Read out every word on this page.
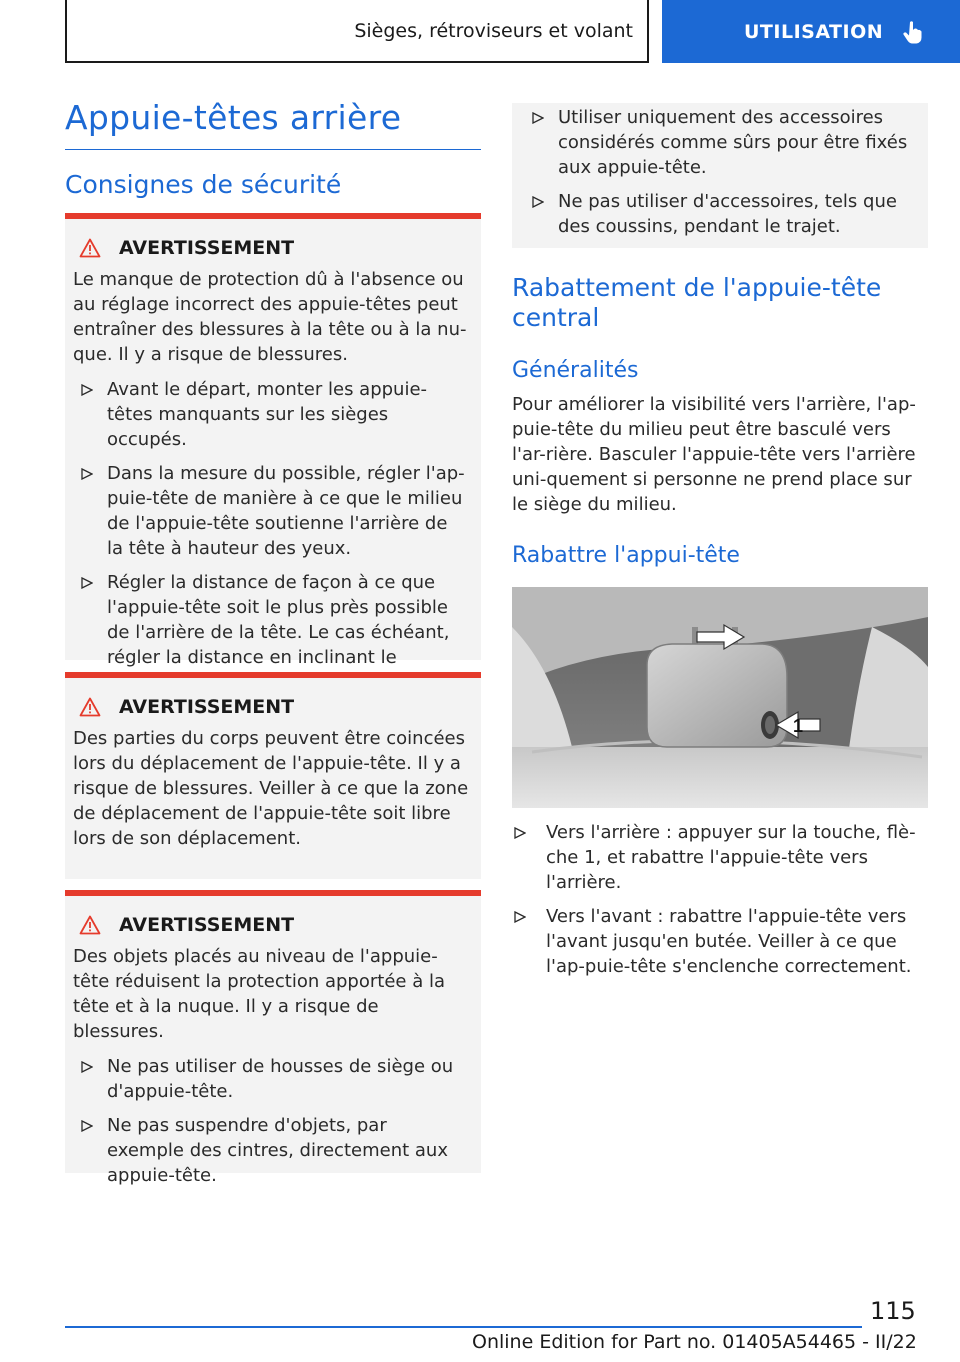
Sièges, rétroviseurs et volant	UTILISATION
Appuie-têtes arrière
Consignes de sécurité
AVERTISSEMENT
Le manque de protection dû à l'absence ou au réglage incorrect des appuie-têtes peut entraîner des blessures à la tête ou à la nu-que. Il y a risque de blessures.
Avant le départ, monter les appuie-têtes manquants sur les sièges occupés.
Dans la mesure du possible, régler l'ap-puie-tête de manière à ce que le milieu de l'appuie-tête soutienne l'arrière de la tête à hauteur des yeux.
Régler la distance de façon à ce que l'appuie-tête soit le plus près possible de l'arrière de la tête. Le cas échéant, régler la distance en inclinant le
AVERTISSEMENT
Des parties du corps peuvent être coincées lors du déplacement de l'appuie-tête. Il y a risque de blessures. Veiller à ce que la zone de déplacement de l'appuie-tête soit libre lors de son déplacement.
AVERTISSEMENT
Des objets placés au niveau de l'appuie-tête réduisent la protection apportée à la tête et à la nuque. Il y a risque de blessures.
Ne pas utiliser de housses de siège ou d'appuie-tête.
Ne pas suspendre d'objets, par exemple des cintres, directement aux appuie-tête.
Utiliser uniquement des accessoires considérés comme sûrs pour être fixés aux appuie-tête.
Ne pas utiliser d'accessoires, tels que des coussins, pendant le trajet.
Rabattement de l'appuie-tête central
Généralités
Pour améliorer la visibilité vers l'arrière, l'ap-puie-tête du milieu peut être basculé vers l'ar-rière. Basculer l'appuie-tête vers l'arrière uni-quement si personne ne prend place sur le siège du milieu.
Rabattre l'appui-tête
1
Vers l'arrière : appuyer sur la touche, flè-che 1, et rabattre l'appuie-tête vers l'arrière.
Vers l'avant : rabattre l'appuie-tête vers l'avant jusqu'en butée. Veiller à ce que l'ap-puie-tête s'enclenche correctement.
115
Online Edition for Part no. 01405A54465 - II/22
